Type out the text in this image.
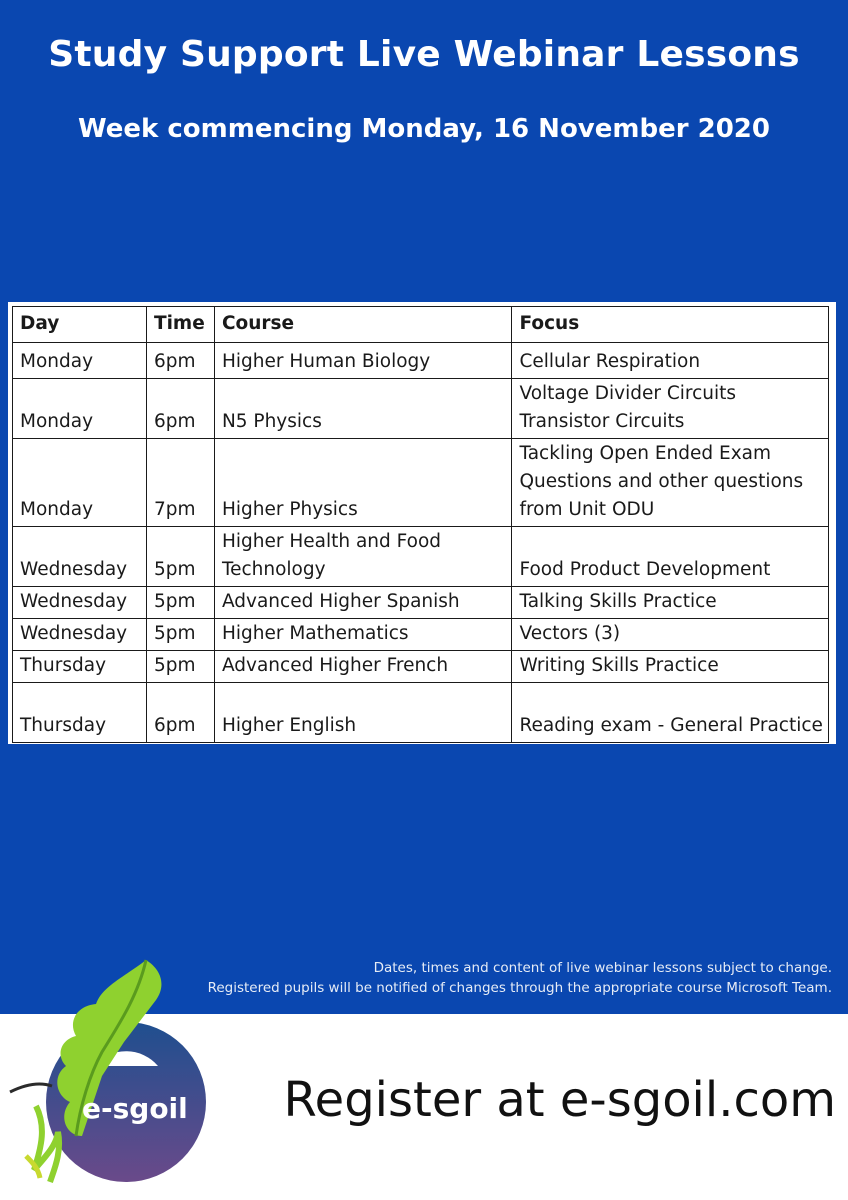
Study Support Live Webinar Lessons
Week commencing Monday, 16 November 2020
Day	Time	Course	Focus
Monday	6pm	Higher Human Biology	Cellular Respiration
Monday	6pm	N5 Physics	Voltage Divider Circuits Transistor Circuits
Monday	7pm	Higher Physics	Tackling Open Ended Exam Questions and other questions from Unit ODU
Wednesday	5pm	Higher Health and Food Technology	Food Product Development
Wednesday	5pm	Advanced Higher Spanish	Talking Skills Practice
Wednesday	5pm	Higher Mathematics	Vectors (3)
Thursday	5pm	Advanced Higher French	Writing Skills Practice
Thursday	6pm	Higher English	Reading exam - General Practice
Dates, times and content of live webinar lessons subject to change.
Registered pupils will be notified of changes through the appropriate course Microsoft Team.
e-sgoil Register at e-sgoil.com
